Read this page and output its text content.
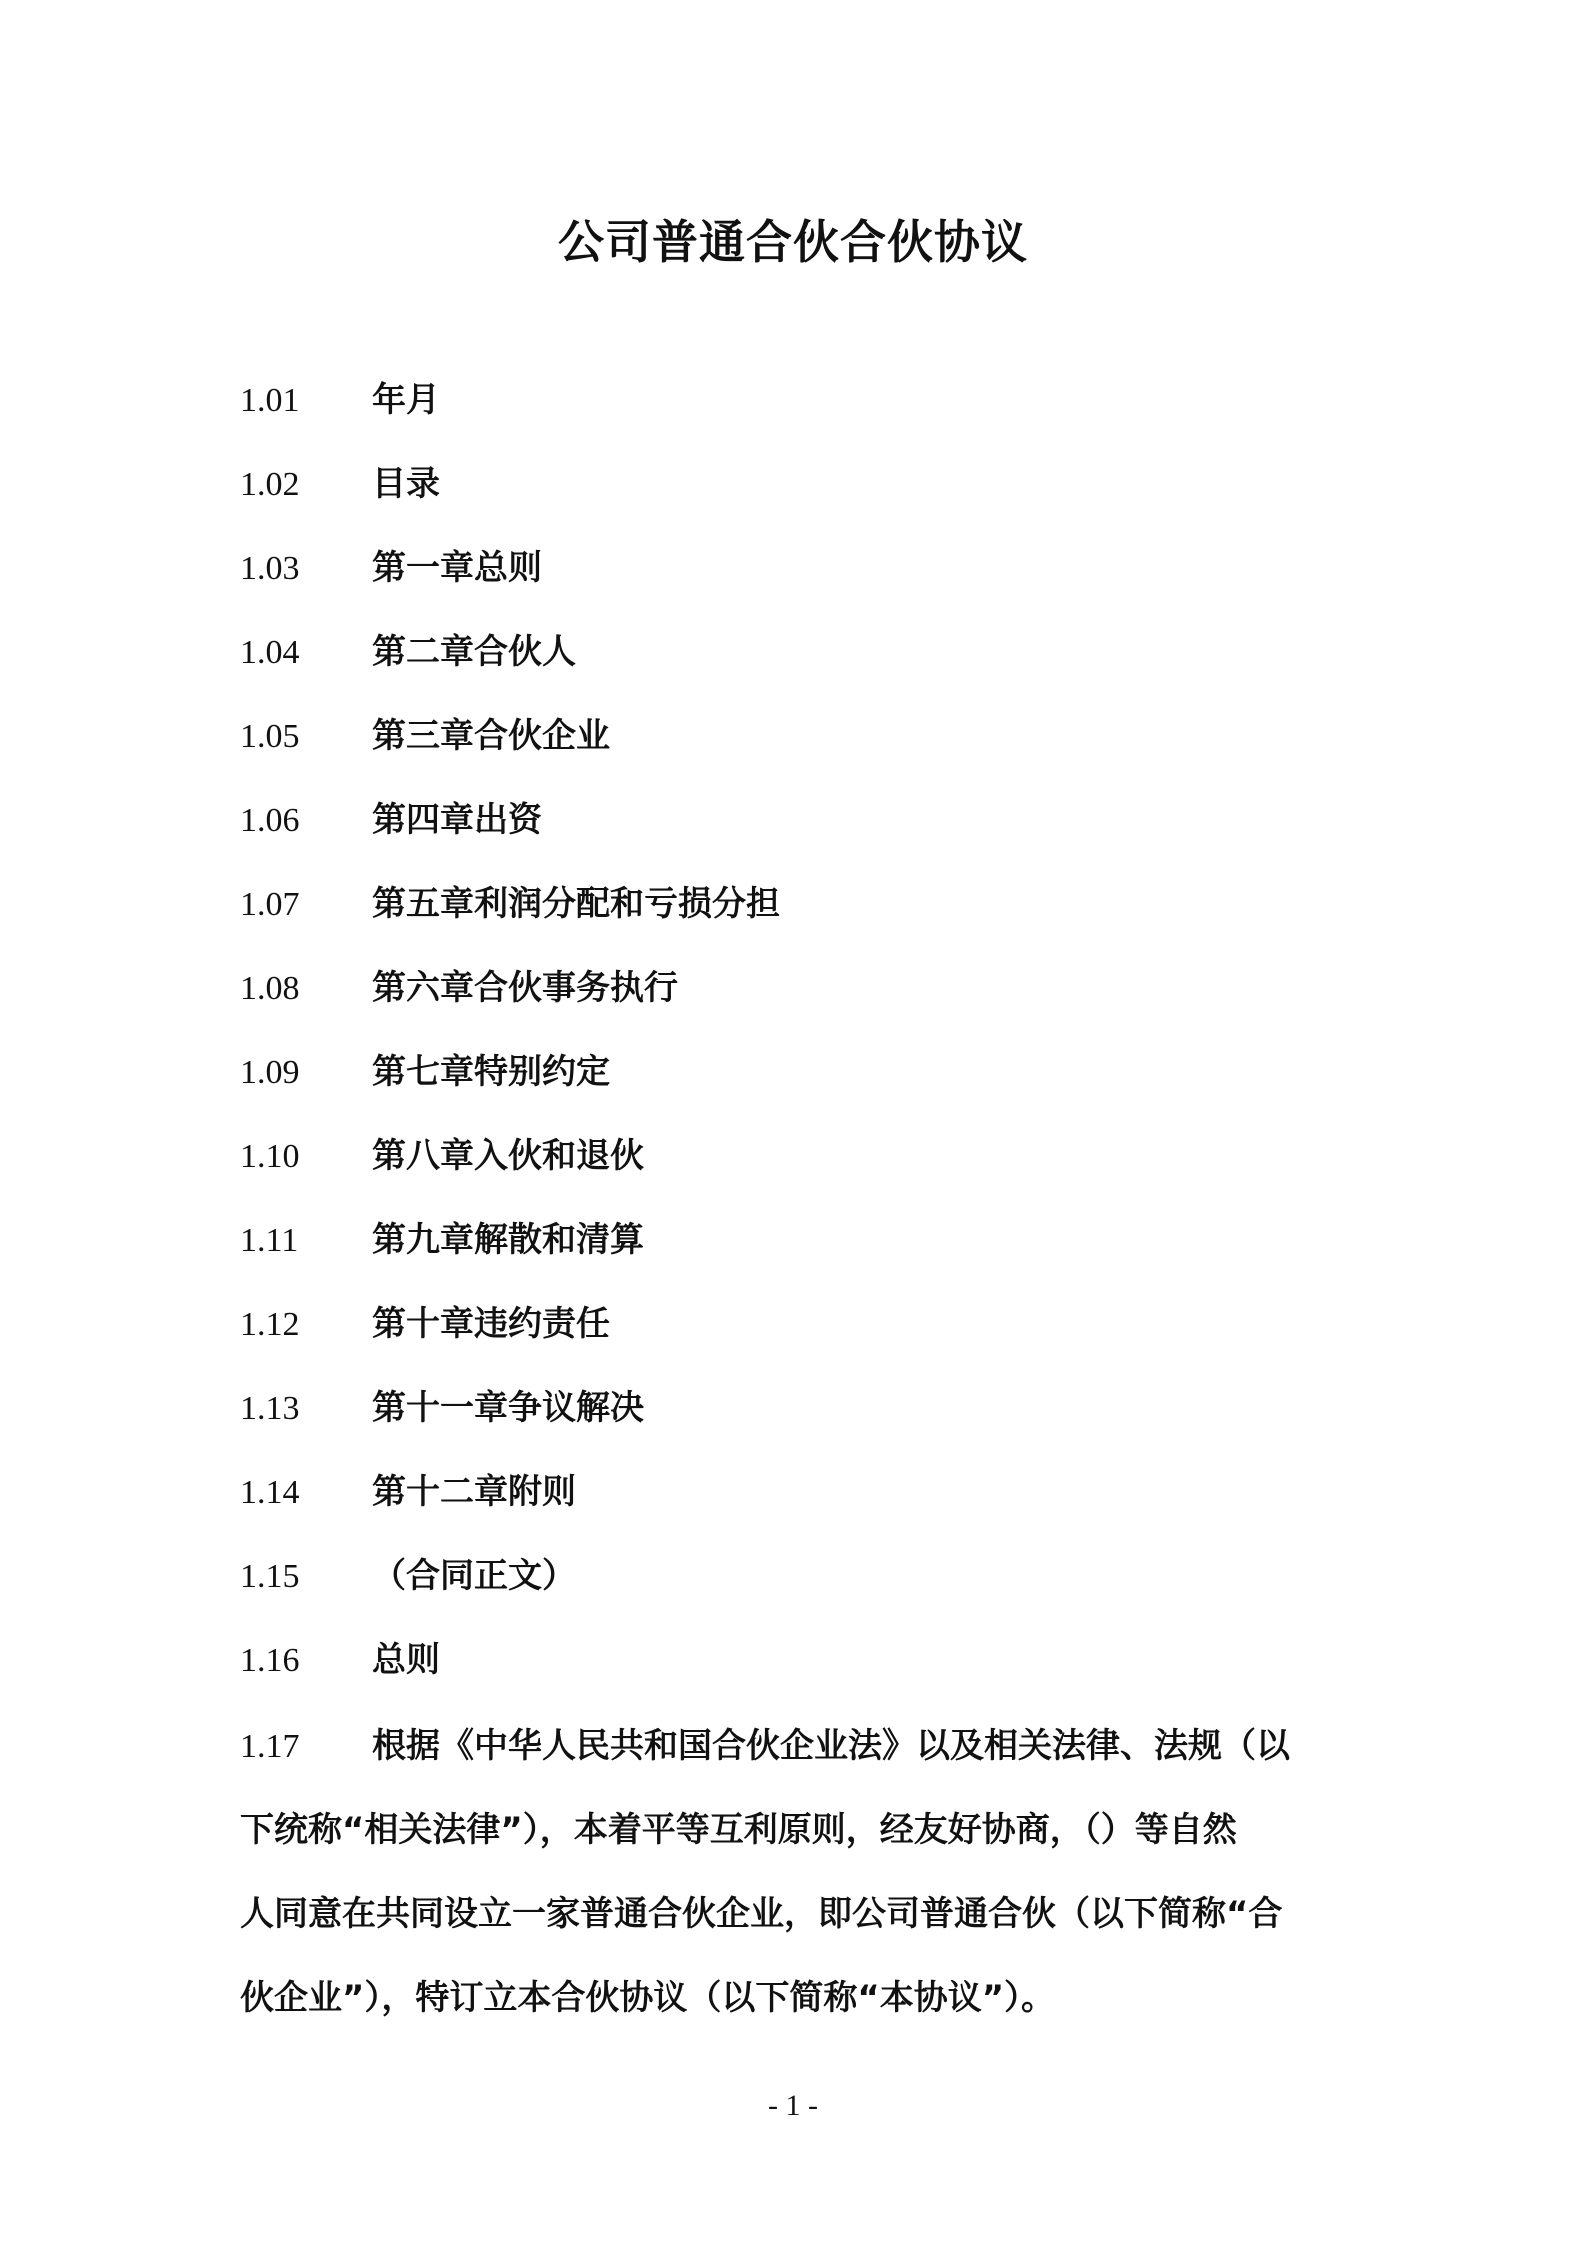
公司普通合伙合伙协议
1.01	年月
1.02	目录
1.03	第一章总则
1.04	第二章合伙人
1.05	第三章合伙企业
1.06	第四章出资
1.07	第五章利润分配和亏损分担
1.08	第六章合伙事务执行
1.09	第七章特别约定
1.10	第八章入伙和退伙
1.11	第九章解散和清算
1.12	第十章违约责任
1.13	第十一章争议解决
1.14	第十二章附则
1.15	（合同正文）
1.16	总则
1.17 根据《中华人民共和国合伙企业法》以及相关法律、法规（以
下统称“相关法律”），本着平等互利原则，经友好协商，（）等自然
人同意在共同设立一家普通合伙企业，即公司普通合伙（以下简称“合
伙企业”），特订立本合伙协议（以下简称“本协议”）。
- 1 -
